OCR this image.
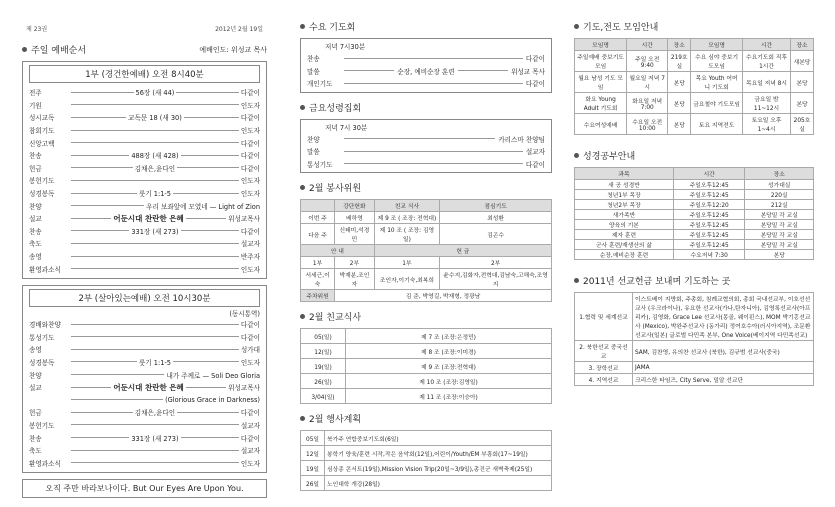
제 23권	2012년 2월 19일
주일 예배순서	예배인도: 위성교 목사
1부 (경건한예배) 오전 8시40분
전주	56장 (새 44)	다같이
기원	인도자
성시교독	교독문 18 (새 30)	다같이
참회기도	인도자
신앙고백	다같이
찬송	488장 (새 428)	다같이
헌금	김채은,윤다인	다같이
봉헌기도	인도자
성경봉독	룻기 1:1-5	인도자
찬양	우리 보좌앞에 모였네 — Light of Zion
설교	어둔시대 찬란한 은혜	위성교목사
찬송	331장 (새 273)	다같이
축도	설교자
송영	반주자
환영과소식	인도자
2부 (살아있는예배) 오전 10시30분
(동시통역)
경배와찬양	다같이
통성기도	다같이
송영	성가대
성경봉독	룻기 1:1-5	인도자
찬양	내가 주께로 — Soli Deo Gloria
설교	어둔시대 찬란한 은혜	위성교목사
(Glorious Grace in Darkness)
헌금	김채은,윤다인	다같이
봉헌기도	설교자
찬송	331장 (새 273)	다같이
축도	설교자
환영과소식	인도자
오직 주만 바라보나이다. But Our Eyes Are Upon You.
수요 기도회
저녁 7시30분
찬송	다같이
말씀	순장, 예비순장 훈련	위성교 목사
개인기도	다같이
금요성령집회
저녁 7시 30분
찬양	카리스마 찬양팀
말씀	설교자
통성기도	다같이
2월 봉사위원
	강단헌화	친교 식사	점심기도
이번 주	배하영	제 9 조 ( 조장: 전혁대)	최성환
다음 주	신태미,석경민	제 10 조 ( 조장: 김영일)	김곤수
안 내		헌 금	
1부	2부	1부	2부
서세근,이숙	박재분,조인자	조인자,이기숙,최복희	윤수지,김화자,전혁대,김남숙,고해숙,조영지
주차위원	김 준, 박영길, 박재형, 정광남		
2월 친교식사
05(일)	제 7 조 (조장:은정민)
12(일)	제 8 조 (조장:이미경)
19(일)	제 9 조 (조장:전혁대)
26(일)	제 10 조 (조장:김영일)
3/04(일)	제 11 조 (조장:이승아)
2월 행사계획
05일	북가주 연합중보기도회(6일)
12일	봉학기 양육/훈련 시작,작은 음악회(12일),어린이/Youth/EM 부흥회(17~19일)
19일	심상종 콘서트(19일),Mission Vision Trip(20일~3/9일),총진군 새벽축제(25일)
26일	노인대학 개강(28일)
기도,전도 모임안내
모임명	시간	장소	모임명	시간	장소
주일예배 중보기도모임	주일 오전 9:40	219호실	수요 심야 중보기도모임	수요기도회 직후 1시간	새본당
월요 남성 기도 모임	월요일 저녁 7시	본당	목요 Youth 어머니 기도회	목요일 저녁 8시	본당
화요 Young Adult 기도회	화요일 저녁7:00	본당	금요철야 기도모임	금요일 밤 11~12시	본당
수요여성예배	수요일 오전 10:00	본당	토요 지역전도	토요일 오후 1~4시	205호실
성경공부안내
과목	시간	장소
새 공 성경반	주일오후12:45	성가대실
청년1부 목장	주일오후12:45	220실
청년2부 목장	주일오후12:20	212실
새가족반	주일오후12:45	본당밑 각 교실
양육의 기본	주일오후12:45	본당밑 각 교실
제자 훈련	주일오후12:45	본당밑 각 교실
군사 훈련/재생산의 삶	주일오후12:45	본당밑 각 교실
순장,예비순장 훈련	수요저녁 7:30	본당
2011년 선교헌금 보내며 기도하는 곳
1.협력 및 세계선교	이스트베이 지방회, 주총회, 침례교협의회, 총회 국내선교부, 이호선선교사 (우크라이나), 유요한 선교사(가나,탄자니아), 김영록선교사(아프리카), 김영화, Grace Lee 선교사(몽골, 웨이핀스), MOM 박기홍선교사 (Mexico), 박완주선교사 (동가리) 정여호수아(러시아지역), 조문환 선교사(일본) 글로벌 다민족 본부, One Voice(베이지역 다민족선교)
2. 북한선교 중국선교	SAM, 김찬영, 유의찬 선교사 (북한), 김규범 선교사(중국)
3. 장학선교	JAMA
4. 지역선교	크리스한 타임즈, City Serve, 밀알 선교단
